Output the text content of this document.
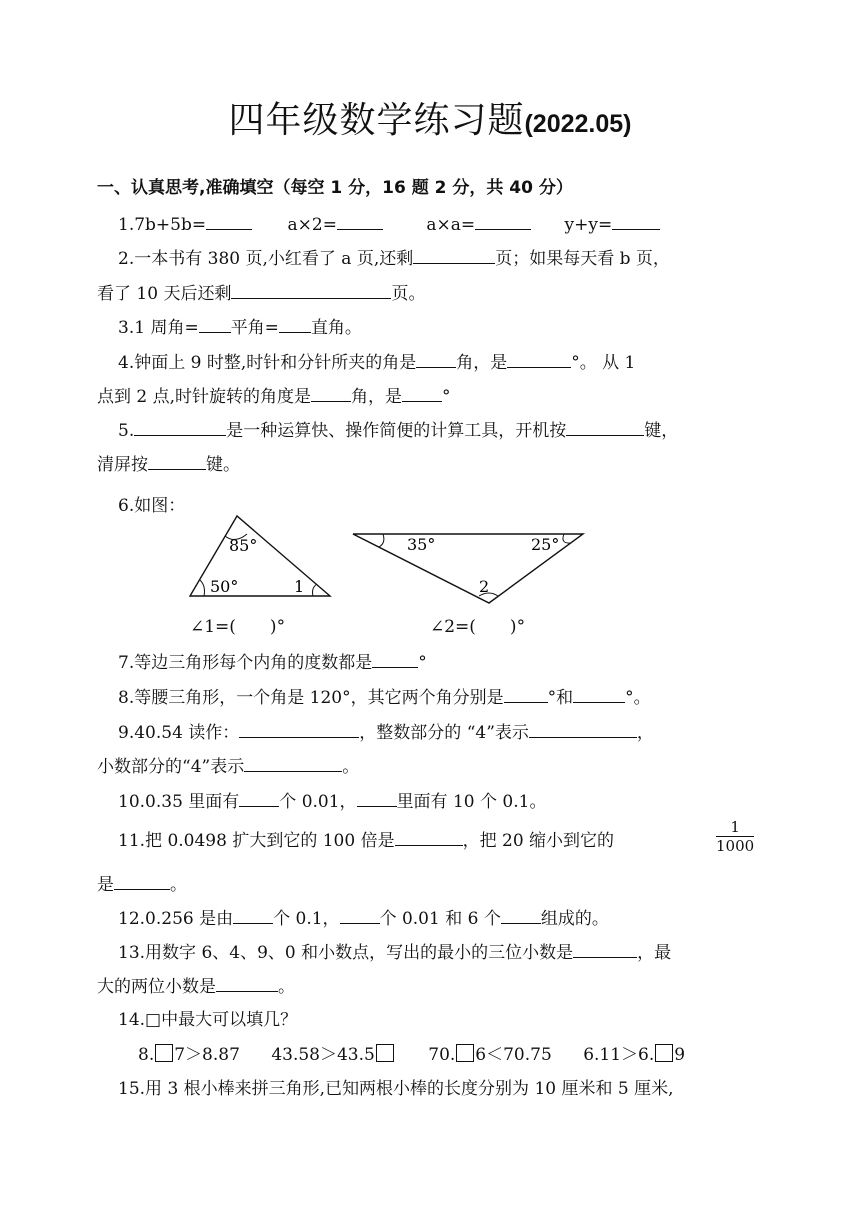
四年级数学练习题(2022.05)
一、认真思考,准确填空（每空 1 分，16 题 2 分，共 40 分）
1.7b+5b=	a×2=	a×a=	y+y=
2.一本书有 380 页,小红看了 a 页,还剩	页；如果每天看 b 页，
看了 10 天后还剩	页。
3.1 周角= 平角= 直角。
4.钟面上 9 时整,时针和分针所夹的角是 角，是	°。 从 1
点到 2 点,时针旋转的角度是 角，是 °
5.	是一种运算快、操作简便的计算工具，开机按	键，
清屏按	键。
6.如图：
85°
50°	1
35°	25°
2
∠1=(　　)°	∠2=(　　)°
7.等边三角形每个内角的度数都是	°
8.等腰三角形，一个角是 120°，其它两个角分别是	°和	°。
9.40.54 读作：	，整数部分的 “4”表示	，
小数部分的“4”表示	。
10.0.35 里面有 个 0.01， 里面有 10 个 0.1。
11.把 0.0498 扩大到它的 100 倍是	，把 20 缩小到它的	$\frac{1}{1000}$
是	。
12.0.256 是由 个 0.1， 个 0.01 和 6 个 组成的。
13.用数字 6、4、9、0 和小数点，写出的最小的三位小数是	，最
大的两位小数是	。
14.□中最大可以填几？
8. 7＞8.87 43.58＞43.5	70. 6＜70.75 6.11＞6. 9
15.用 3 根小棒来拼三角形,已知两根小棒的长度分别为 10 厘米和 5 厘米,
